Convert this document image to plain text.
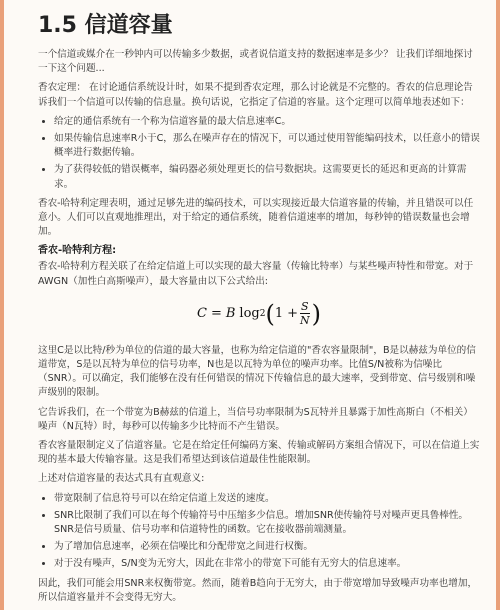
1.5 信道容量

一个信道或媒介在一秒钟内可以传输多少数据，或者说信道支持的数据速率是多少？ 让我们详细地探讨一下这个问题...

香农定理： 在讨论通信系统设计时，如果不提到香农定理，那么讨论就是不完整的。香农的信息理论告诉我们一个信道可以传输的信息量。换句话说，它指定了信道的容量。这个定理可以简单地表述如下：

• 给定的通信系统有一个称为信道容量的最大信息速率C。
• 如果传输信息速率R小于C，那么在噪声存在的情况下，可以通过使用智能编码技术，以任意小的错误概率进行数据传输。
• 为了获得较低的错误概率，编码器必须处理更长的信号数据块。这需要更长的延迟和更高的计算需求。

香农-哈特利定理表明，通过足够先进的编码技术，可以实现接近最大信道容量的传输，并且错误可以任意小。人们可以直观地推理出，对于给定的通信系统，随着信道速率的增加，每秒钟的错误数量也会增加。

香农-哈特利方程:

香农-哈特利方程关联了在给定信道上可以实现的最大容量（传输比特率）与某些噪声特性和带宽。对于AWGN（加性白高斯噪声），最大容量由以下公式给出:

C = B log 2 ( $1 + \frac{S}{N}$ )

这里C是以比特/秒为单位的信道的最大容量，也称为给定信道的"香农容量限制"，B是以赫兹为单位的信道带宽，S是以瓦特为单位的信号功率，N也是以瓦特为单位的噪声功率。比值S/N被称为信噪比（SNR）。可以确定，我们能够在没有任何错误的情况下传输信息的最大速率，受到带宽、信号级别和噪声级别的限制。

它告诉我们，在一个带宽为B赫兹的信道上，当信号功率限制为S瓦特并且暴露于加性高斯白（不相关）噪声（N瓦特）时，每秒可以传输多少比特而不产生错误。

香农容量限制定义了信道容量。它是在给定任何编码方案、传输或解码方案组合情况下，可以在信道上实现的基本最大传输容量。这是我们希望达到该信道最佳性能限制。

上述对信道容量的表达式具有直观意义:

• 带宽限制了信息符号可以在给定信道上发送的速度。
• SNR比限制了我们可以在每个传输符号中压缩多少信息。增加SNR使传输符号对噪声更具鲁棒性。SNR是信号质量、信号功率和信道特性的函数。它在接收器前端测量。
• 为了增加信息速率，必须在信噪比和分配带宽之间进行权衡。
• 对于没有噪声，S/N变为无穷大，因此在非常小的带宽下可能有无穷大的信息速率。

因此，我们可能会用SNR来权衡带宽。然而，随着B趋向于无穷大，由于带宽增加导致噪声功率也增加，所以信道容量并不会变得无穷大。
